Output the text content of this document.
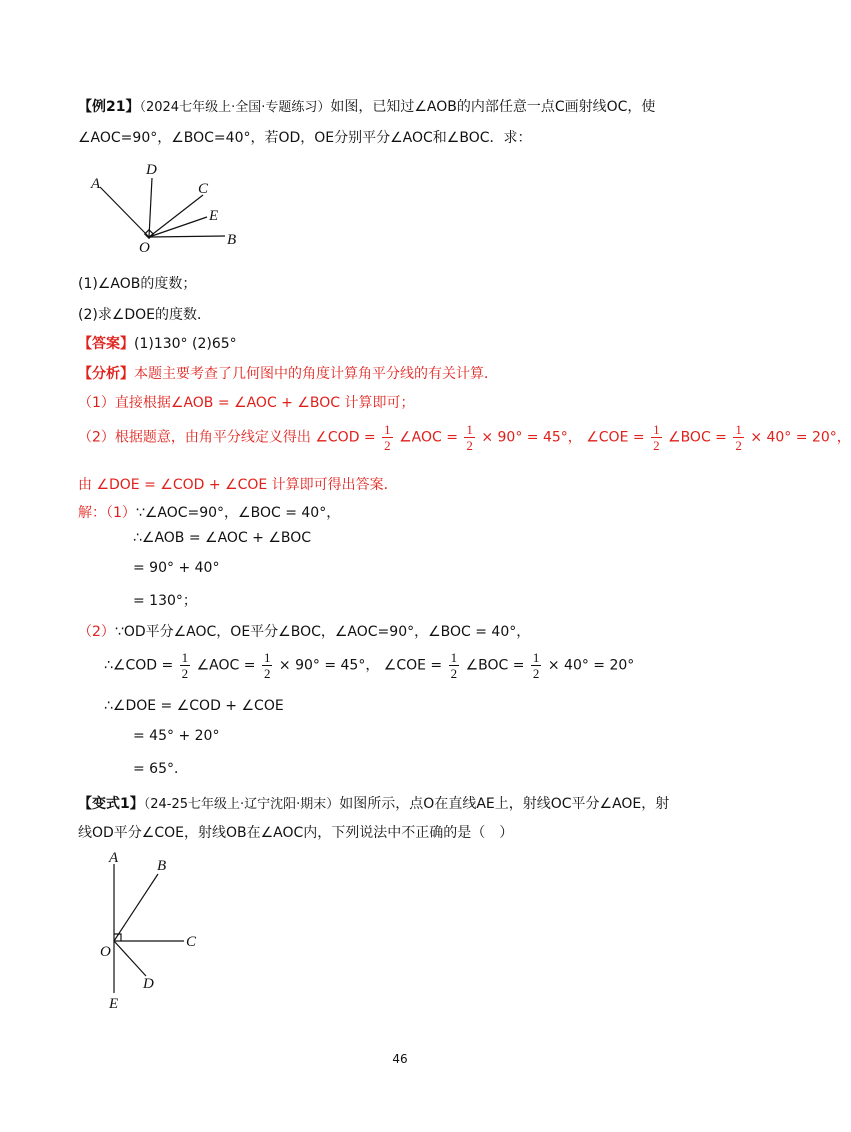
【例21】（2024七年级上·全国·专题练习）如图，已知过∠AOB的内部任意一点C画射线OC，使
∠AOC=90°，∠BOC=40°，若OD，OE分别平分∠AOC和∠BOC．求：
A
D
C
E
O	B
(1)∠AOB的度数；
(2)求∠DOE的度数．
【答案】(1)130° (2)65°
【分析】本题主要考查了几何图中的角度计算角平分线的有关计算．
（1）直接根据∠AOB = ∠AOC + ∠BOC 计算即可；
（2）根据题意，由角平分线定义得出 ∠COD = $\frac{1}{2}$ ∠AOC = $\frac{1}{2} \times 90^\circ = 45^\circ$， ∠COE = $\frac{1}{2}$ ∠BOC = $\frac{1}{2} \times 40^\circ = 20^\circ$，
由 ∠DOE = ∠COD + ∠COE 计算即可得出答案．
解：（1）∵∠AOC=90°，∠BOC = 40°，
∴∠AOB = ∠AOC + ∠BOC
= 90° + 40°
= 130°；
（2）∵OD平分∠AOC，OE平分∠BOC，∠AOC=90°，∠BOC = 40°，
∴∠COD = $\frac{1}{2}$ ∠AOC = $\frac{1}{2} \times 90^\circ = 45^\circ$， ∠COE = $\frac{1}{2}$ ∠BOC = $\frac{1}{2} \times 40^\circ = 20^\circ$
∴∠DOE = ∠COD + ∠COE
= 45° + 20°
= 65°．
【变式1】（24-25七年级上·辽宁沈阳·期末）如图所示，点O在直线AE上，射线OC平分∠AOE，射
线OD平分∠COE，射线OB在∠AOC内，下列说法中不正确的是（　）
A	B
O
C
D
E
46
